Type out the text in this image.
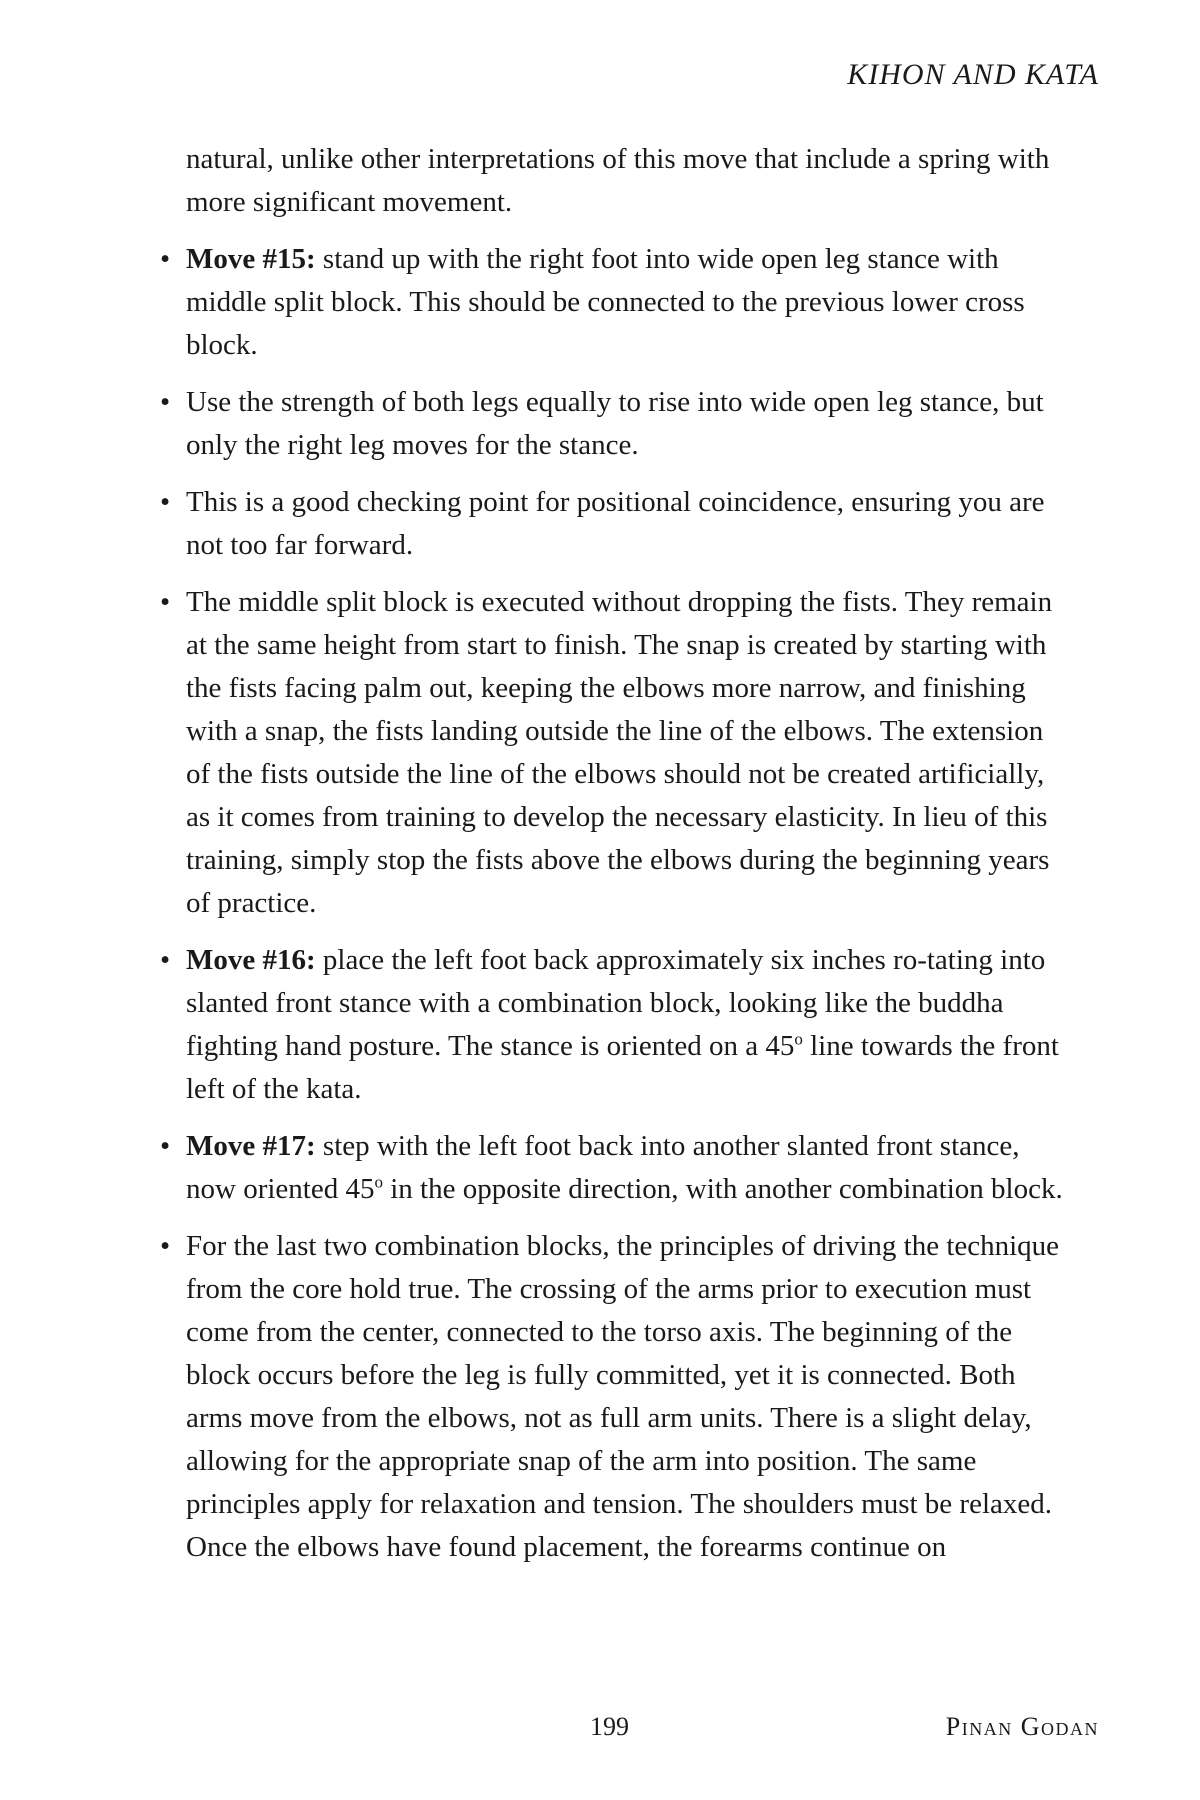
KIHON AND KATA

natural, unlike other interpretations of this move that include a spring with more significant movement.

• Move #15: stand up with the right foot into wide open leg stance with middle split block. This should be connected to the previous lower cross block.
• Use the strength of both legs equally to rise into wide open leg stance, but only the right leg moves for the stance.
• This is a good checking point for positional coincidence, ensuring you are not too far forward.
• The middle split block is executed without dropping the fists. They remain at the same height from start to finish. The snap is created by starting with the fists facing palm out, keeping the elbows more narrow, and finishing with a snap, the fists landing outside the line of the elbows. The extension of the fists outside the line of the elbows should not be created artificially, as it comes from training to develop the necessary elasticity. In lieu of this training, simply stop the fists above the elbows during the beginning years of practice.
• Move #16: place the left foot back approximately six inches ro-tating into slanted front stance with a combination block, looking like the buddha fighting hand posture. The stance is oriented on a 45$^o$ line towards the front left of the kata.
• Move #17: step with the left foot back into another slanted front stance, now oriented 45$^o$ in the opposite direction, with another combination block.
• For the last two combination blocks, the principles of driving the technique from the core hold true. The crossing of the arms prior to execution must come from the center, connected to the torso axis. The beginning of the block occurs before the leg is fully committed, yet it is connected. Both arms move from the elbows, not as full arm units. There is a slight delay, allowing for the appropriate snap of the arm into position. The same principles apply for relaxation and tension. The shoulders must be relaxed. Once the elbows have found placement, the forearms continue on
199	Pinan Godan
